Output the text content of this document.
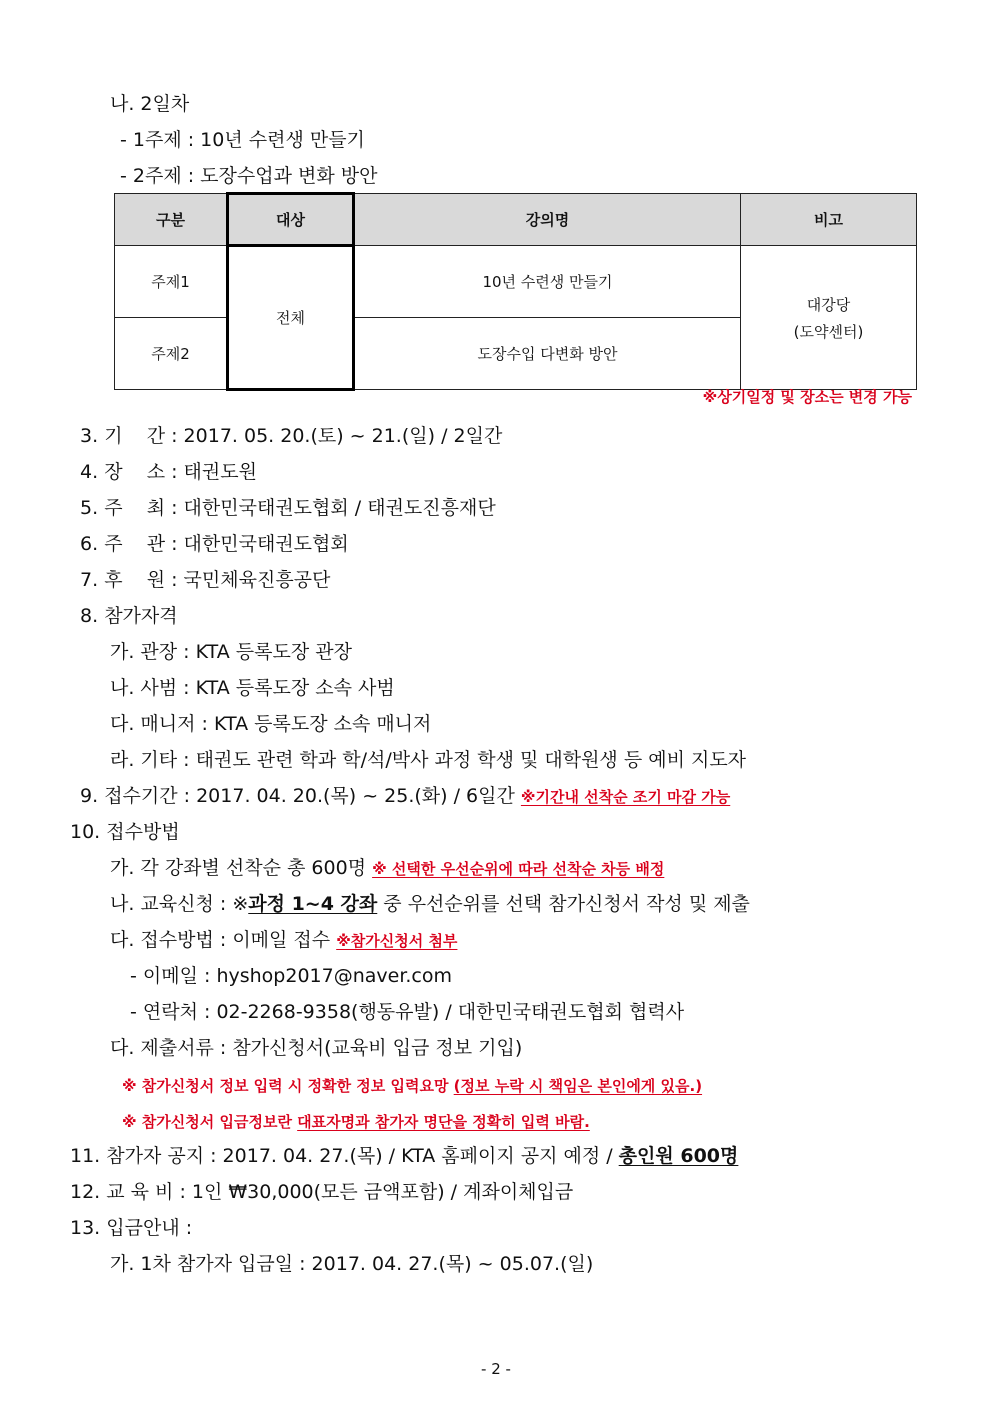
나. 2일차
- 1주제 : 10년 수련생 만들기
- 2주제 : 도장수업과 변화 방안
구분	대상	강의명	비고
주제1	전체	10년 수련생 만들기	대강당
(도약센터)

주제2		도장수입 다변화 방안	
※상기일정 및 장소는 변경 가능
3. 기    간 : 2017. 05. 20.(토) ~ 21.(일) / 2일간
4. 장    소 : 태권도원
5. 주    최 : 대한민국태권도협회 / 태권도진흥재단
6. 주    관 : 대한민국태권도협회
7. 후    원 : 국민체육진흥공단
8. 참가자격
가. 관장 : KTA 등록도장 관장
나. 사범 : KTA 등록도장 소속 사범
다. 매니저 : KTA 등록도장 소속 매니저
라. 기타 : 태권도 관련 학과 학/석/박사 과정 학생 및 대학원생 등 예비 지도자
9. 접수기간 : 2017. 04. 20.(목) ~ 25.(화) / 6일간 ※기간내 선착순 조기 마감 가능
10. 접수방법
가. 각 강좌별 선착순 총 600명 ※ 선택한 우선순위에 따라 선착순 차등 배정
나. 교육신청 : ※과정 1~4 강좌 중 우선순위를 선택 참가신청서 작성 및 제출
다. 접수방법 : 이메일 접수 ※참가신청서 첨부
- 이메일 : hyshop2017@naver.com
- 연락처 : 02-2268-9358(행동유발) / 대한민국태권도협회 협력사
다. 제출서류 : 참가신청서(교육비 입금 정보 기입)
※ 참가신청서 정보 입력 시 정확한 정보 입력요망 (정보 누락 시 책임은 본인에게 있음.)
※ 참가신청서 입금정보란 대표자명과 참가자 명단을 정확히 입력 바람.
11. 참가자 공지 : 2017. 04. 27.(목) / KTA 홈페이지 공지 예정 / 총인원 600명
12. 교 육 비 : 1인 ₩30,000(모든 금액포함) / 계좌이체입금
13. 입금안내 :
가. 1차 참가자 입금일 : 2017. 04. 27.(목) ~ 05.07.(일)
- 2 -
